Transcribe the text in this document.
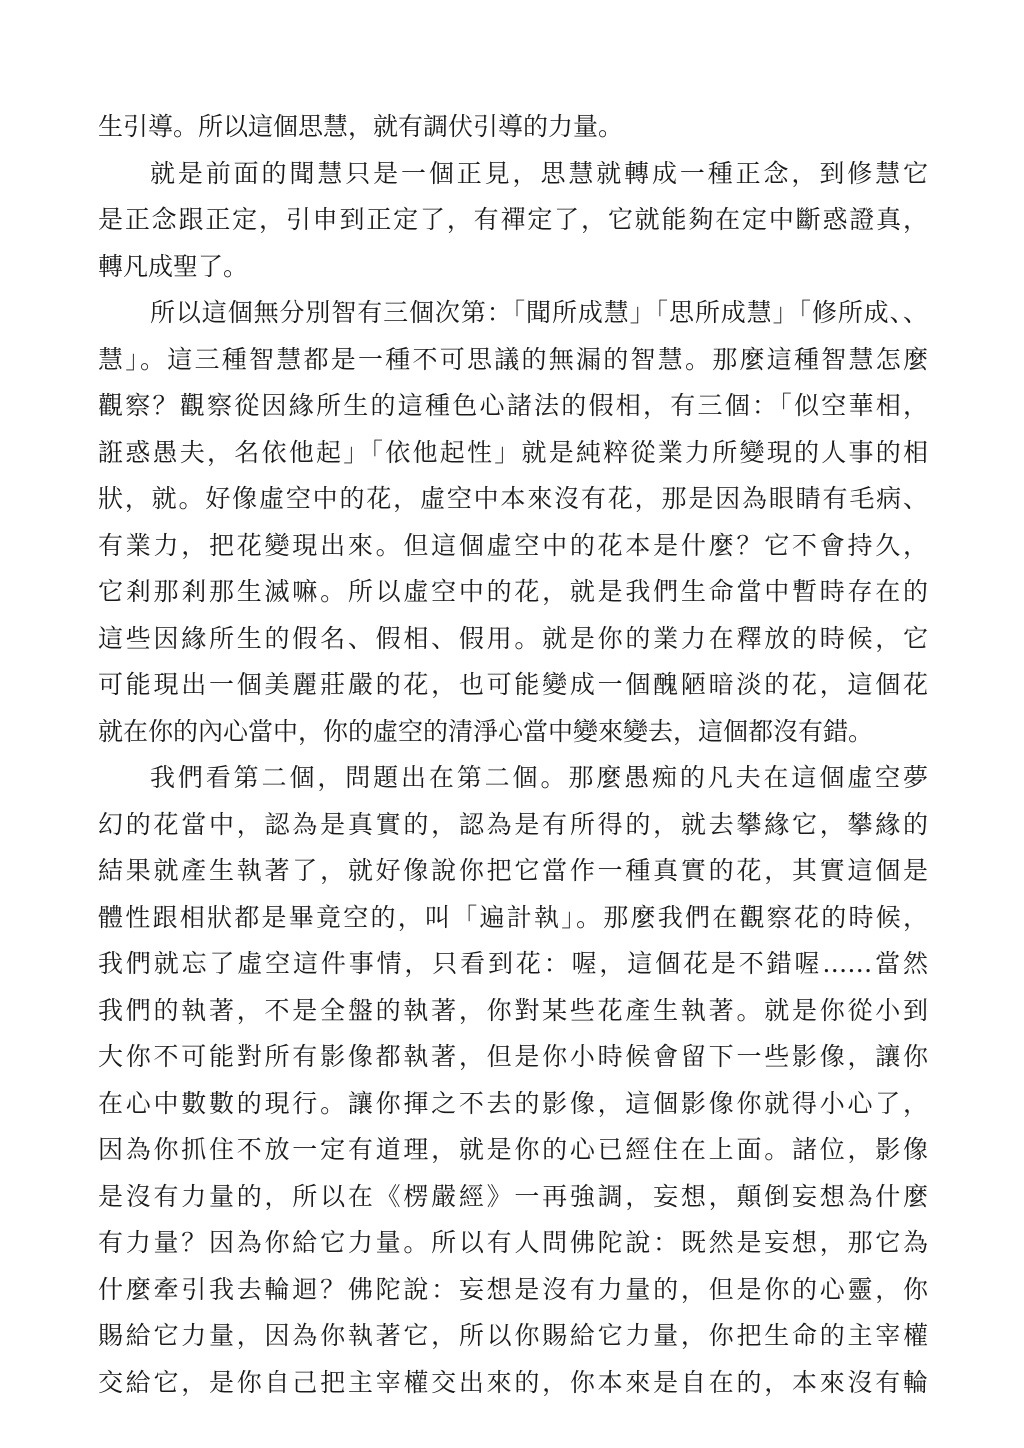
生引導。所以這個思慧，就有調伏引導的力量。
就是前面的聞慧只是一個正見，思慧就轉成一種正念，到修慧它
是正念跟正定，引申到正定了，有禪定了，它就能夠在定中斷惑證真，
轉凡成聖了。
所以這個無分別智有三個次第：「聞所成慧」「思所成慧」「修所成、、
慧」。這三種智慧都是一種不可思議的無漏的智慧。那麼這種智慧怎麼
觀察？觀察從因緣所生的這種色心諸法的假相，有三個：「似空華相，
誑惑愚夫，名依他起」「依他起性」就是純粹從業力所變現的人事的相
狀，就。好像虛空中的花，虛空中本來沒有花，那是因為眼睛有毛病、
有業力，把花變現出來。但這個虛空中的花本是什麼？它不會持久，
它剎那剎那生滅嘛。所以虛空中的花，就是我們生命當中暫時存在的
這些因緣所生的假名、假相、假用。就是你的業力在釋放的時候，它
可能現出一個美麗莊嚴的花，也可能變成一個醜陋暗淡的花，這個花
就在你的內心當中，你的虛空的清淨心當中變來變去，這個都沒有錯。
我們看第二個，問題出在第二個。那麼愚痴的凡夫在這個虛空夢
幻的花當中，認為是真實的，認為是有所得的，就去攀緣它，攀緣的
結果就產生執著了，就好像說你把它當作一種真實的花，其實這個是
體性跟相狀都是畢竟空的，叫「遍計執」。那麼我們在觀察花的時候，
我們就忘了虛空這件事情，只看到花：喔，這個花是不錯喔……當然
我們的執著，不是全盤的執著，你對某些花產生執著。就是你從小到
大你不可能對所有影像都執著，但是你小時候會留下一些影像，讓你
在心中數數的現行。讓你揮之不去的影像，這個影像你就得小心了，
因為你抓住不放一定有道理，就是你的心已經住在上面。諸位，影像
是沒有力量的，所以在《楞嚴經》一再強調，妄想，顛倒妄想為什麼
有力量？因為你給它力量。所以有人問佛陀說：既然是妄想，那它為
什麼牽引我去輪迴？佛陀說：妄想是沒有力量的，但是你的心靈，你
賜給它力量，因為你執著它，所以你賜給它力量，你把生命的主宰權
交給它，是你自己把主宰權交出來的，你本來是自在的，本來沒有輪
